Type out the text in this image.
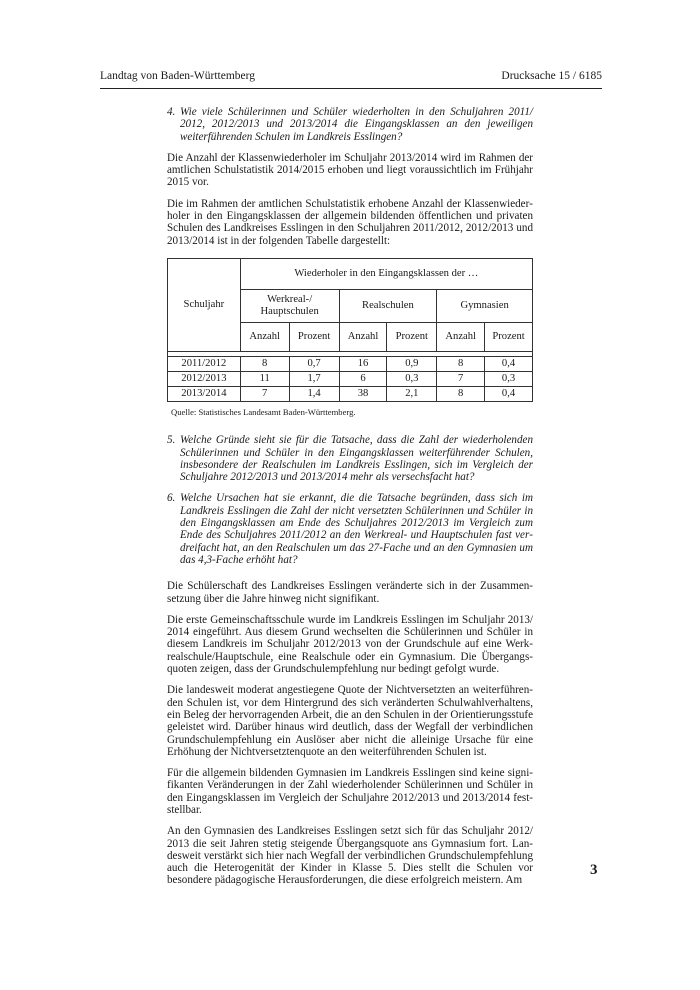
Landtag von Baden-Württemberg	Drucksache 15 / 6185
4. Wie viele Schülerinnen und Schüler wiederholten in den Schuljahren 2011/ 2012, 2012/2013 und 2013/2014 die Eingangsklassen an den jeweiligen weiterführenden Schulen im Landkreis Esslingen?

Die Anzahl der Klassenwiederholer im Schuljahr 2013/2014 wird im Rahmen der amtlichen Schulstatistik 2014/2015 erhoben und liegt voraussichtlich im Frühjahr 2015 vor.

Die im Rahmen der amtlichen Schulstatistik erhobene Anzahl der Klassenwiederholer in den Eingangsklassen der allgemein bildenden öffentlichen und privaten Schulen des Landkreises Esslingen in den Schuljahren 2011/2012, 2012/2013 und 2013/2014 ist in der folgenden Tabelle dargestellt:

Schuljahr	Wiederholer in den Eingangsklassen der …					
	Werkreal-/ Hauptschulen		Realschulen		Gymnasien	
	Anzahl	Prozent	Anzahl	Prozent	Anzahl	Prozent

2011/2012	8	0,7	16	0,9	8	0,4
2012/2013	11	1,7	6	0,3	7	0,3
2013/2014	7	1,4	38	2,1	8	0,4
Quelle: Statistisches Landesamt Baden-Württemberg.
5. Welche Gründe sieht sie für die Tatsache, dass die Zahl der wiederholenden Schülerinnen und Schüler in den Eingangsklassen weiterführender Schulen, insbesondere der Realschulen im Landkreis Esslingen, sich im Vergleich der Schuljahre 2012/2013 und 2013/2014 mehr als versechsfacht hat?
6. Welche Ursachen hat sie erkannt, die die Tatsache begründen, dass sich im Landkreis Esslingen die Zahl der nicht versetzten Schülerinnen und Schüler in den Eingangsklassen am Ende des Schuljahres 2012/2013 im Vergleich zum Ende des Schuljahres 2011/2012 an den Werkreal- und Hauptschulen fast verdreifacht hat, an den Realschulen um das 27-Fache und an den Gymnasien um das 4,3-Fache erhöht hat?

Die Schülerschaft des Landkreises Esslingen veränderte sich in der Zusammensetzung über die Jahre hinweg nicht signifikant.

Die erste Gemeinschaftsschule wurde im Landkreis Esslingen im Schuljahr 2013/ 2014 eingeführt. Aus diesem Grund wechselten die Schülerinnen und Schüler in diesem Landkreis im Schuljahr 2012/2013 von der Grundschule auf eine Werkrealschule/Hauptschule, eine Realschule oder ein Gymnasium. Die Übergangsquoten zeigen, dass der Grundschulempfehlung nur bedingt gefolgt wurde.

Die landesweit moderat angestiegene Quote der Nichtversetzten an weiterführenden Schulen ist, vor dem Hintergrund des sich veränderten Schulwahlverhaltens, ein Beleg der hervorragenden Arbeit, die an den Schulen in der Orientierungsstufe geleistet wird. Darüber hinaus wird deutlich, dass der Wegfall der verbindlichen Grundschulempfehlung ein Auslöser aber nicht die alleinige Ursache für eine Erhöhung der Nichtversetztenquote an den weiterführenden Schulen ist.

Für die allgemein bildenden Gymnasien im Landkreis Esslingen sind keine signifikanten Veränderungen in der Zahl wiederholender Schülerinnen und Schüler in den Eingangsklassen im Vergleich der Schuljahre 2012/2013 und 2013/2014 feststellbar.

An den Gymnasien des Landkreises Esslingen setzt sich für das Schuljahr 2012/ 2013 die seit Jahren stetig steigende Übergangsquote ans Gymnasium fort. Landesweit verstärkt sich hier nach Wegfall der verbindlichen Grundschulempfehlung auch die Heterogenität der Kinder in Klasse 5. Dies stellt die Schulen vor besondere pädagogische Herausforderungen, die diese erfolgreich meistern. Am

3
